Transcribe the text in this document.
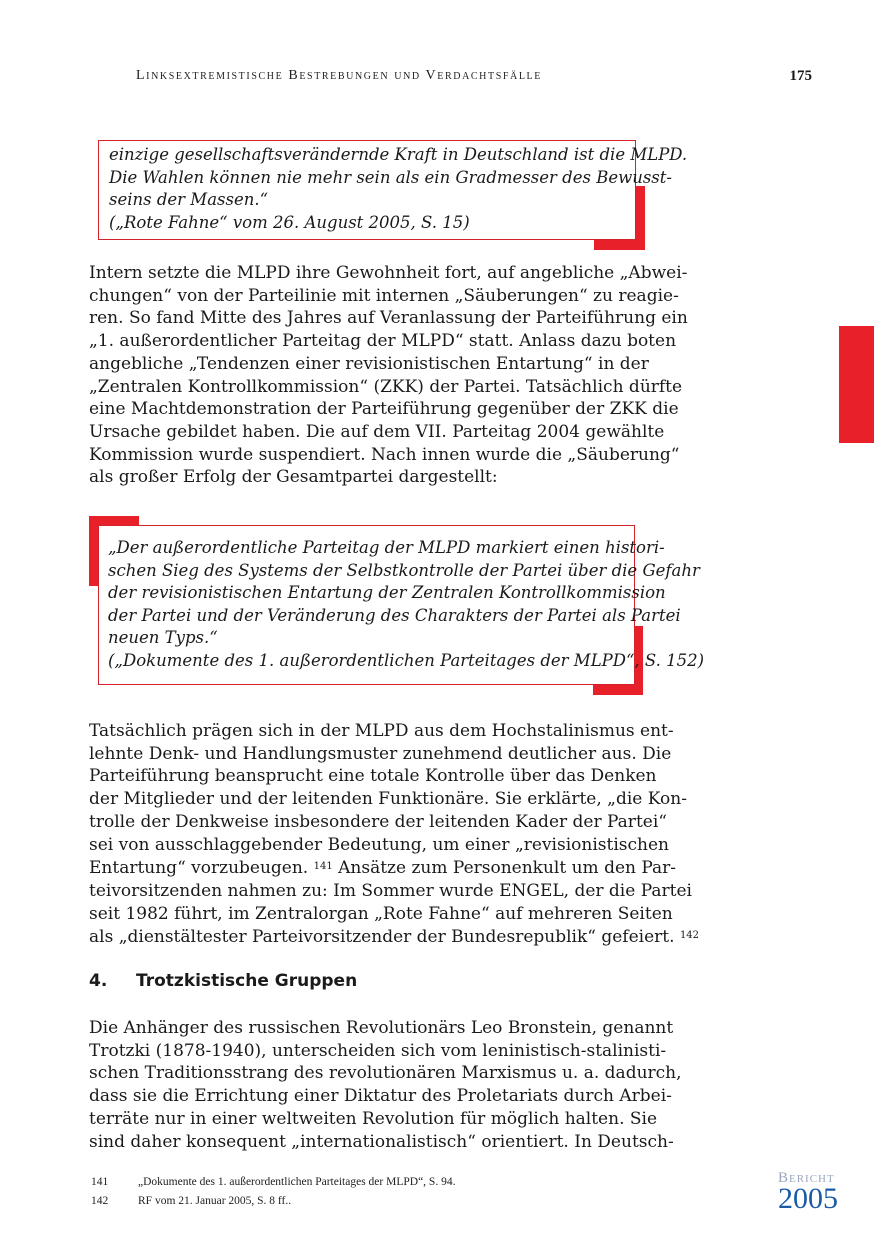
Linksextremistische Bestrebungen und Verdachtsfälle	175

einzige gesellschaftsverändernde Kraft in Deutschland ist die MLPD.

Die Wahlen können nie mehr sein als ein Gradmesser des Bewusst-

seins der Massen.“

(„Rote Fahne“ vom 26. August 2005, S. 15)

Intern setzte die MLPD ihre Gewohnheit fort, auf angebliche „Abwei-

chungen“ von der Parteilinie mit internen „Säuberungen“ zu reagie-

ren. So fand Mitte des Jahres auf Veranlassung der Parteiführung ein

„1. außerordentlicher Parteitag der MLPD“ statt. Anlass dazu boten

angebliche „Tendenzen einer revisionistischen Entartung“ in der

„Zentralen Kontrollkommission“ (ZKK) der Partei. Tatsächlich dürfte

eine Machtdemonstration der Parteiführung gegenüber der ZKK die

Ursache gebildet haben. Die auf dem VII. Parteitag 2004 gewählte

Kommission wurde suspendiert. Nach innen wurde die „Säuberung“

als großer Erfolg der Gesamtpartei dargestellt:

„Der außerordentliche Parteitag der MLPD markiert einen histori-

schen Sieg des Systems der Selbstkontrolle der Partei über die Gefahr

der revisionistischen Entartung der Zentralen Kontrollkommission

der Partei und der Veränderung des Charakters der Partei als Partei

neuen Typs.“

(„Dokumente des 1. außerordentlichen Parteitages der MLPD“, S. 152)

Tatsächlich prägen sich in der MLPD aus dem Hochstalinismus ent-

lehnte Denk- und Handlungsmuster zunehmend deutlicher aus. Die

Parteiführung beansprucht eine totale Kontrolle über das Denken

der Mitglieder und der leitenden Funktionäre. Sie erklärte, „die Kon-

trolle der Denkweise insbesondere der leitenden Kader der Partei“

sei von ausschlaggebender Bedeutung, um einer „revisionistischen

Entartung“ vorzubeugen. $^{141}$ Ansätze zum Personenkult um den Par-

teivorsitzenden nahmen zu: Im Sommer wurde ENGEL, der die Partei

seit 1982 führt, im Zentralorgan „Rote Fahne“ auf mehreren Seiten

als „dienstältester Parteivorsitzender der Bundesrepublik“ gefeiert. $^{142}$

4. Trotzkistische Gruppen

Die Anhänger des russischen Revolutionärs Leo Bronstein, genannt

Trotzki (1878-1940), unterscheiden sich vom leninistisch-stalinisti-

schen Traditionsstrang des revolutionären Marxismus u. a. dadurch,

dass sie die Errichtung einer Diktatur des Proletariats durch Arbei-

terräte nur in einer weltweiten Revolution für möglich halten. Sie

sind daher konsequent „internationalistisch“ orientiert. In Deutsch-

141	„Dokumente des 1. außerordentlichen Parteitages der MLPD“, S. 94.
142	RF vom 21. Januar 2005, S. 8 ff..
Bericht
2005
